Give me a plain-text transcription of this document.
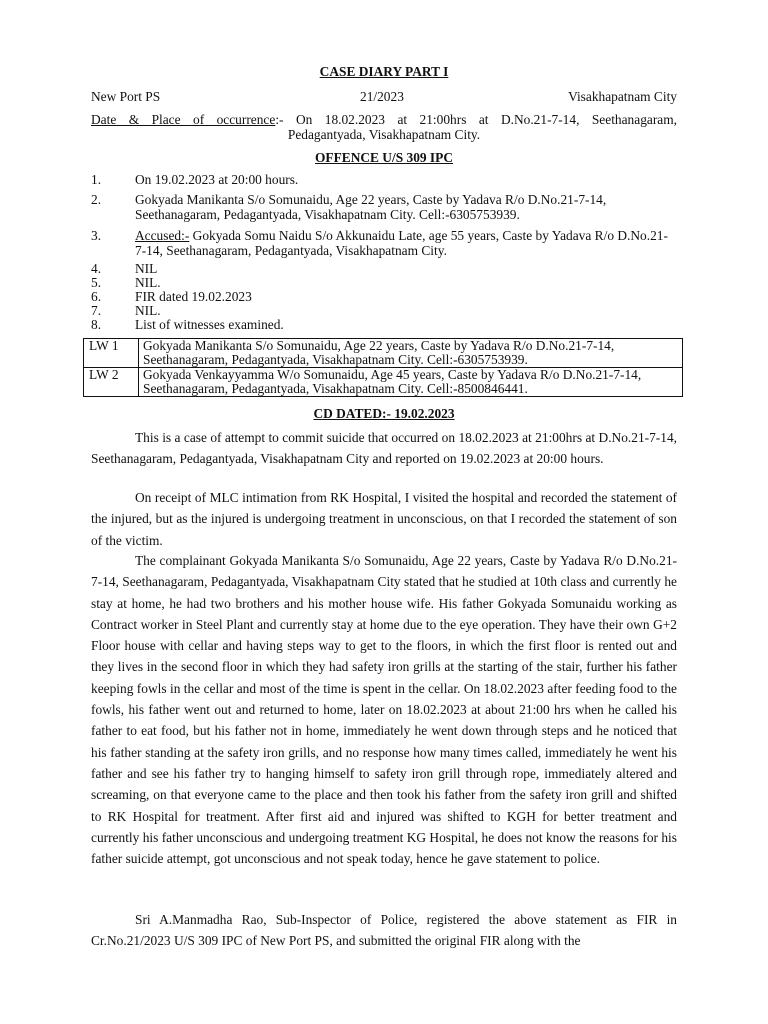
CASE DIARY PART I
New Port PS	21/2023	Visakhapatnam City
Date & Place of occurrence:- On 18.02.2023 at 21:00hrs at D.No.21-7-14, Seethanagaram,
Pedagantyada, Visakhapatnam City.
OFFENCE U/S 309 IPC
1.	On 19.02.2023 at 20:00 hours.
2.	Gokyada Manikanta S/o Somunaidu, Age 22 years, Caste by Yadava R/o D.No.21-7-14, Seethanagaram, Pedagantyada, Visakhapatnam City. Cell:-6305753939.
3.	Accused:- Gokyada Somu Naidu S/o Akkunaidu Late, age 55 years, Caste by Yadava R/o D.No.21-7-14, Seethanagaram, Pedagantyada, Visakhapatnam City.
4.	NIL
5.	NIL.
6.	FIR dated 19.02.2023
7.	NIL.
8.	List of witnesses examined.
LW 1	Gokyada Manikanta S/o Somunaidu, Age 22 years, Caste by Yadava R/o D.No.21-7-14, Seethanagaram, Pedagantyada, Visakhapatnam City. Cell:-6305753939.
LW 2	Gokyada Venkayyamma W/o Somunaidu, Age 45 years, Caste by Yadava R/o D.No.21-7-14, Seethanagaram, Pedagantyada, Visakhapatnam City. Cell:-8500846441.
CD DATED:- 19.02.2023
This is a case of attempt to commit suicide that occurred on 18.02.2023 at 21:00hrs at D.No.21-7-14, Seethanagaram, Pedagantyada, Visakhapatnam City and reported on 19.02.2023 at 20:00 hours.
On receipt of MLC intimation from RK Hospital, I visited the hospital and recorded the statement of the injured, but as the injured is undergoing treatment in unconscious, on that I recorded the statement of son of the victim.
The complainant Gokyada Manikanta S/o Somunaidu, Age 22 years, Caste by Yadava R/o D.No.21-7-14, Seethanagaram, Pedagantyada, Visakhapatnam City stated that he studied at 10th class and currently he stay at home, he had two brothers and his mother house wife. His father Gokyada Somunaidu working as Contract worker in Steel Plant and currently stay at home due to the eye operation. They have their own G+2 Floor house with cellar and having steps way to get to the floors, in which the first floor is rented out and they lives in the second floor in which they had safety iron grills at the starting of the stair, further his father keeping fowls in the cellar and most of the time is spent in the cellar. On 18.02.2023 after feeding food to the fowls, his father went out and returned to home, later on 18.02.2023 at about 21:00 hrs when he called his father to eat food, but his father not in home, immediately he went down through steps and he noticed that his father standing at the safety iron grills, and no response how many times called, immediately he went his father and see his father try to hanging himself to safety iron grill through rope, immediately altered and screaming, on that everyone came to the place and then took his father from the safety iron grill and shifted to RK Hospital for treatment. After first aid and injured was shifted to KGH for better treatment and currently his father unconscious and undergoing treatment KG Hospital, he does not know the reasons for his father suicide attempt, got unconscious and not speak today, hence he gave statement to police.
Sri A.Manmadha Rao, Sub-Inspector of Police, registered the above statement as FIR in Cr.No.21/2023 U/S 309 IPC of New Port PS, and submitted the original FIR along with the
